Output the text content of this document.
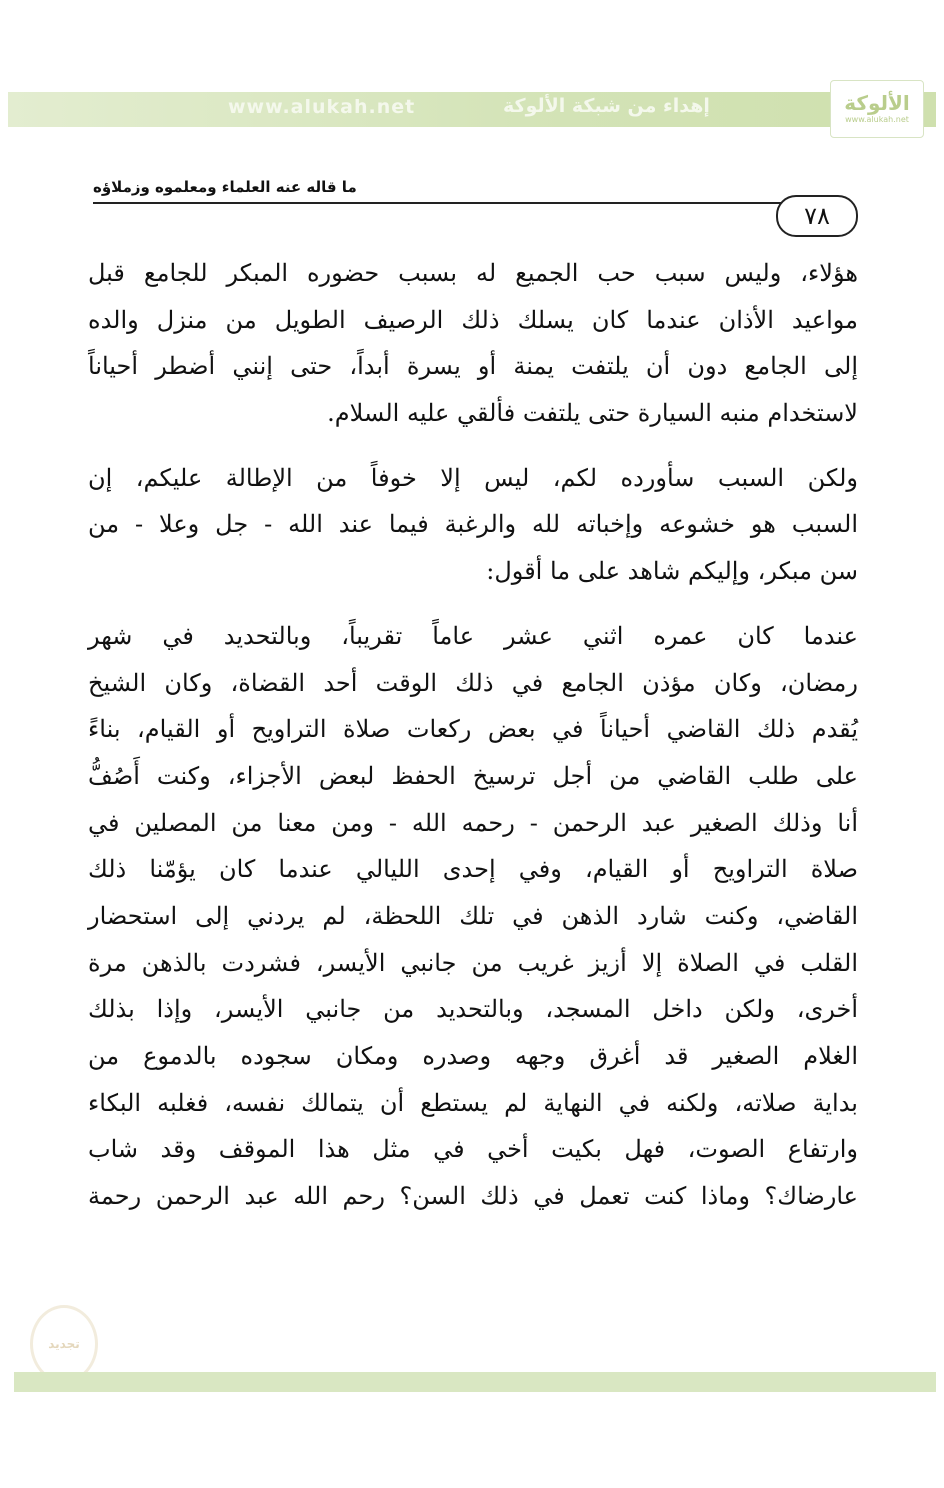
www.alukah.net	إهداء من شبكة الألوكة	الألوكة
www.alukah.net
ما قاله عنه العلماء ومعلموه وزملاؤه
٧٨
هؤلاء، وليس سبب حب الجميع له بسبب حضوره المبكر للجامع قبل
مواعيد الأذان عندما كان يسلك ذلك الرصيف الطويل من منزل والده
إلى الجامع دون أن يلتفت يمنة أو يسرة أبداً، حتى إنني أضطر أحياناً
لاستخدام منبه السيارة حتى يلتفت فألقي عليه السلام.
ولكن السبب سأورده لكم، ليس إلا خوفاً من الإطالة عليكم، إن
السبب هو خشوعه وإخباته لله والرغبة فيما عند الله - جل وعلا - من
سن مبكر، وإليكم شاهد على ما أقول:
عندما كان عمره اثني عشر عاماً تقريباً، وبالتحديد في شهر
رمضان، وكان مؤذن الجامع في ذلك الوقت أحد القضاة، وكان الشيخ
يُقدم ذلك القاضي أحياناً في بعض ركعات صلاة التراويح أو القيام، بناءً
على طلب القاضي من أجل ترسيخ الحفظ لبعض الأجزاء، وكنت أَصُفُّ
أنا وذلك الصغير عبد الرحمن - رحمه الله - ومن معنا من المصلين في
صلاة التراويح أو القيام، وفي إحدى الليالي عندما كان يؤمّنا ذلك
القاضي، وكنت شارد الذهن في تلك اللحظة، لم يردني إلى استحضار
القلب في الصلاة إلا أزيز غريب من جانبي الأيسر، فشردت بالذهن مرة
أخرى، ولكن داخل المسجد، وبالتحديد من جانبي الأيسر، وإذا بذلك
الغلام الصغير قد أغرق وجهه وصدره ومكان سجوده بالدموع من
بداية صلاته، ولكنه في النهاية لم يستطع أن يتمالك نفسه، فغلبه البكاء
وارتفاع الصوت، فهل بكيت أخي في مثل هذا الموقف وقد شاب
عارضاك؟ وماذا كنت تعمل في ذلك السن؟ رحم الله عبد الرحمن رحمة
تجديد
